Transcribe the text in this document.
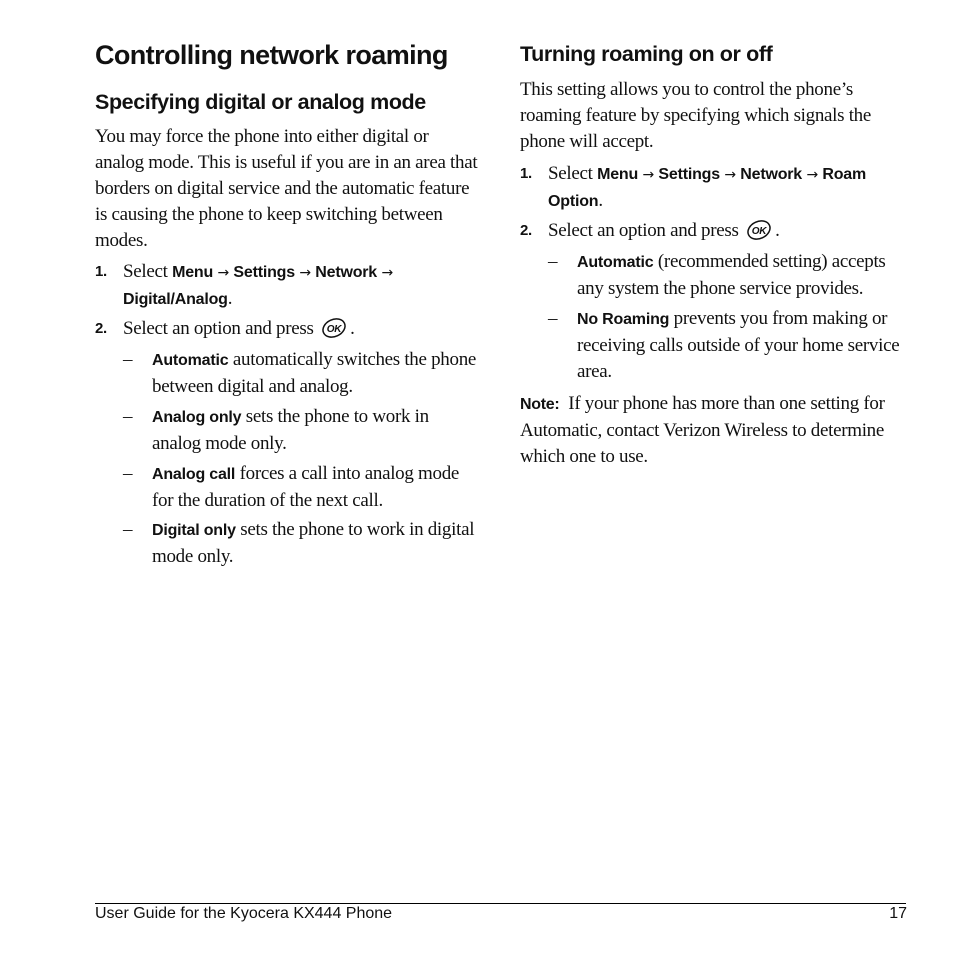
Controlling network roaming
Specifying digital or analog mode

You may force the phone into either digital or analog mode. This is useful if you are in an area that borders on digital service and the automatic feature is causing the phone to keep switching between modes.

1. Select Menu → Settings → Network → Digital/Analog.
2. Select an option and press OK .
– Automatic automatically switches the phone between digital and analog.
– Analog only sets the phone to work in analog mode only.
– Analog call forces a call into analog mode for the duration of the next call.
– Digital only sets the phone to work in digital mode only.
Turning roaming on or off

This setting allows you to control the phone’s roaming feature by specifying which signals the phone will accept.

1. Select Menu → Settings → Network → Roam Option.
2. Select an option and press OK .
– Automatic (recommended setting) accepts any system the phone service provides.
– No Roaming prevents you from making or receiving calls outside of your home service area.

Note: If your phone has more than one setting for Automatic, contact Verizon Wireless to determine which one to use.

User Guide for the Kyocera KX444 Phone	17
